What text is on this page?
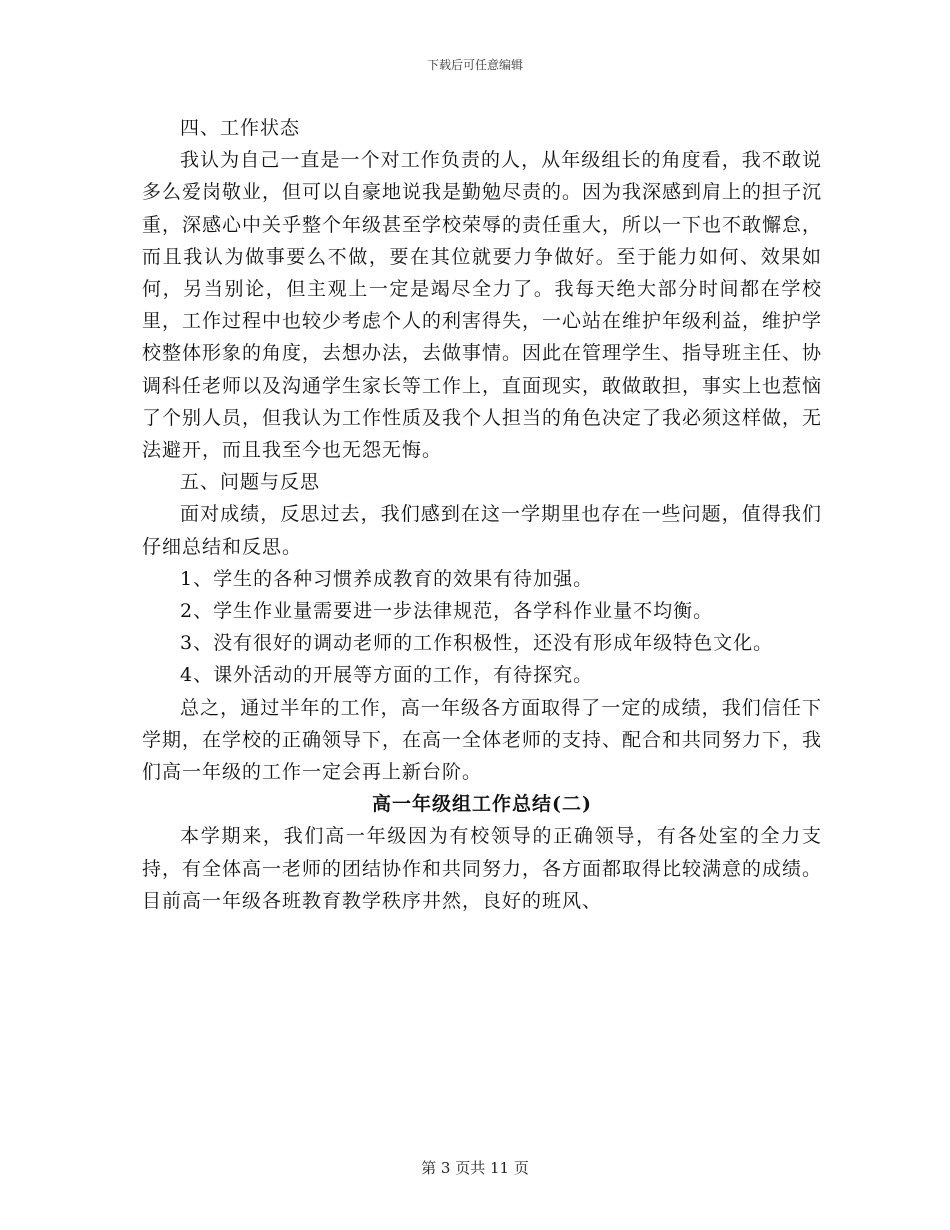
下载后可任意编辑

四、工作状态

我认为自己一直是一个对工作负责的人，从年级组长的角度看，我不敢说多么爱岗敬业，但可以自豪地说我是勤勉尽责的。因为我深感到肩上的担子沉重，深感心中关乎整个年级甚至学校荣辱的责任重大，所以一下也不敢懈怠，而且我认为做事要么不做，要在其位就要力争做好。至于能力如何、效果如何，另当别论，但主观上一定是竭尽全力了。我每天绝大部分时间都在学校里，工作过程中也较少考虑个人的利害得失，一心站在维护年级利益，维护学校整体形象的角度，去想办法，去做事情。因此在管理学生、指导班主任、协调科任老师以及沟通学生家长等工作上，直面现实，敢做敢担，事实上也惹恼了个别人员，但我认为工作性质及我个人担当的角色决定了我必须这样做，无法避开，而且我至今也无怨无悔。

五、问题与反思

面对成绩，反思过去，我们感到在这一学期里也存在一些问题，值得我们仔细总结和反思。

1、学生的各种习惯养成教育的效果有待加强。

2、学生作业量需要进一步法律规范，各学科作业量不均衡。

3、没有很好的调动老师的工作积极性，还没有形成年级特色文化。

4、课外活动的开展等方面的工作，有待探究。

总之，通过半年的工作，高一年级各方面取得了一定的成绩，我们信任下学期，在学校的正确领导下，在高一全体老师的支持、配合和共同努力下，我们高一年级的工作一定会再上新台阶。

高一年级组工作总结(二)

本学期来，我们高一年级因为有校领导的正确领导，有各处室的全力支持，有全体高一老师的团结协作和共同努力，各方面都取得比较满意的成绩。目前高一年级各班教育教学秩序井然，良好的班风、

第 3 页共 11 页
